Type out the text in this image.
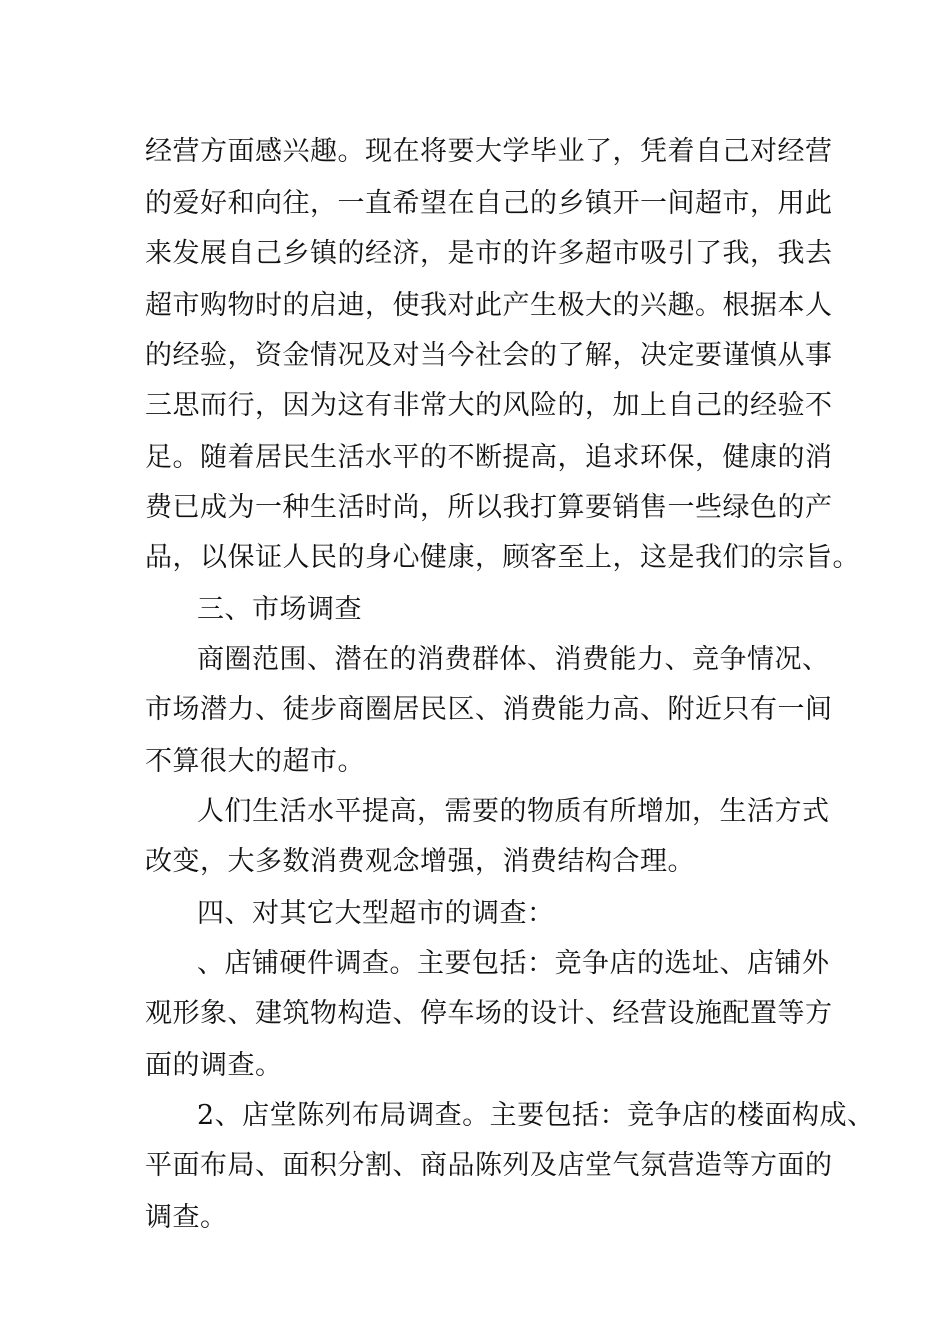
经营方面感兴趣。现在将要大学毕业了，凭着自己对经营
的爱好和向往，一直希望在自己的乡镇开一间超市，用此
来发展自己乡镇的经济，是市的许多超市吸引了我，我去
超市购物时的启迪，使我对此产生极大的兴趣。根据本人
的经验，资金情况及对当今社会的了解，决定要谨慎从事
三思而行，因为这有非常大的风险的，加上自己的经验不
足。随着居民生活水平的不断提高，追求环保，健康的消
费已成为一种生活时尚，所以我打算要销售一些绿色的产
品，以保证人民的身心健康，顾客至上，这是我们的宗旨。
三、市场调查
商圈范围、潜在的消费群体、消费能力、竞争情况、
市场潜力、徒步商圈居民区、消费能力高、附近只有一间
不算很大的超市。
人们生活水平提高，需要的物质有所增加，生活方式
改变，大多数消费观念增强，消费结构合理。
四、对其它大型超市的调查：
、店铺硬件调查。主要包括：竞争店的选址、店铺外
观形象、建筑物构造、停车场的设计、经营设施配置等方
面的调查。
2、店堂陈列布局调查。主要包括：竞争店的楼面构成、
平面布局、面积分割、商品陈列及店堂气氛营造等方面的
调查。
